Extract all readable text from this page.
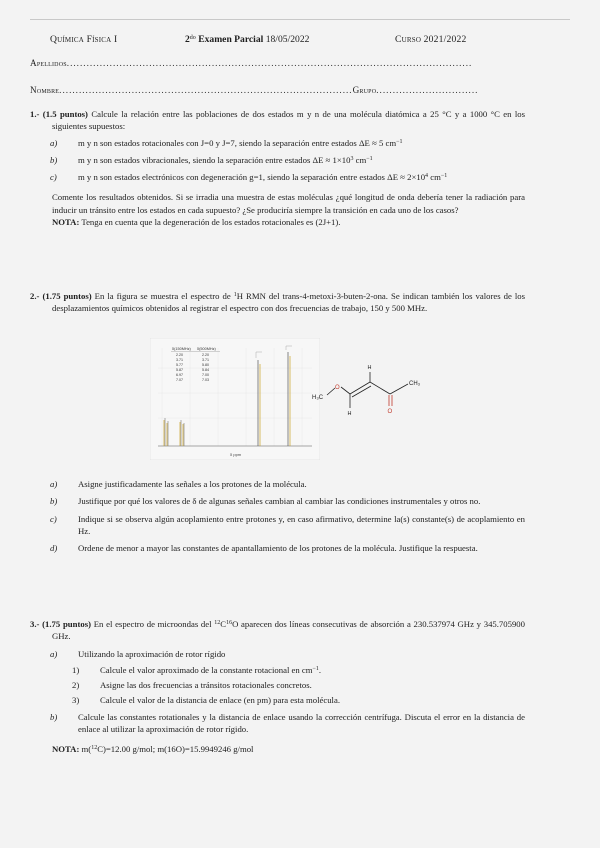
Química Física I	$2^{do}$ Examen Parcial 18/05/2022	Curso 2021/2022
Apellidos...........................................................................................................................
Nombre.........................................................................................Grupo...............................

1.- (1.5 puntos) Calcule la relación entre las poblaciones de dos estados m y n de una molécula diatómica a 25 °C y a 1000 °C en los siguientes supuestos:

a) m y n son estados rotacionales con J=0 y J=7, siendo la separación entre estados ΔE ≈ 5 $cm^{-1}$
b) m y n son estados vibracionales, siendo la separación entre estados $\Delta E \approx 1\times 10^3$ $cm^{-1}$
c) m y n son estados electrónicos con degeneración g=1, siendo la separación entre estados $\Delta E \approx 2\times 10^4$ $cm^{-1}$

Comente los resultados obtenidos. Si se irradia una muestra de estas moléculas ¿qué longitud de onda debería tener la radiación para inducir un tránsito entre los estados en cada supuesto? ¿Se produciría siempre la transición en cada uno de los casos?

NOTA: Tenga en cuenta que la degeneración de los estados rotacionales es (2J+1).

2.- (1.75 puntos) En la figura se muestra el espectro de $^1$H RMN del trans-4-metoxi-3-buten-2-ona. Se indican también los valores de los desplazamientos químicos obtenidos al registrar el espectro con dos frecuencias de trabajo, 150 y 500 MHz.

δ(150MHz) δ(500MHz)
2.20	2.20
3.71	3.71
5.77	5.80
5.87	5.84
6.97	7.00
7.07	7.03
δ ppm
H₃C
O
H
H
CH₃
O
a) Asigne justificadamente las señales a los protones de la molécula.
b) Justifique por qué los valores de δ de algunas señales cambian al cambiar las condiciones instrumentales y otros no.
c) Indique si se observa algún acoplamiento entre protones y, en caso afirmativo, determine la(s) constante(s) de acoplamiento en Hz.
d) Ordene de menor a mayor las constantes de apantallamiento de los protones de la molécula. Justifique la respuesta.

3.- (1.75 puntos) En el espectro de microondas del $^{12}C^{16}O$ aparecen dos líneas consecutivas de absorción a 230.537974 GHz y 345.705900 GHz.

a) Utilizando la aproximación de rotor rígido
1) Calcule el valor aproximado de la constante rotacional en $cm^{-1}$.
2) Asigne las dos frecuencias a tránsitos rotacionales concretos.
3) Calcule el valor de la distancia de enlace (en pm) para esta molécula.
b) Calcule las constantes rotationales y la distancia de enlace usando la corrección centrífuga. Discuta el error en la distancia de enlace al utilizar la aproximación de rotor rígido.

NOTA: m($^{12}$C)=12.00 g/mol; m(16O)=15.9949246 g/mol
